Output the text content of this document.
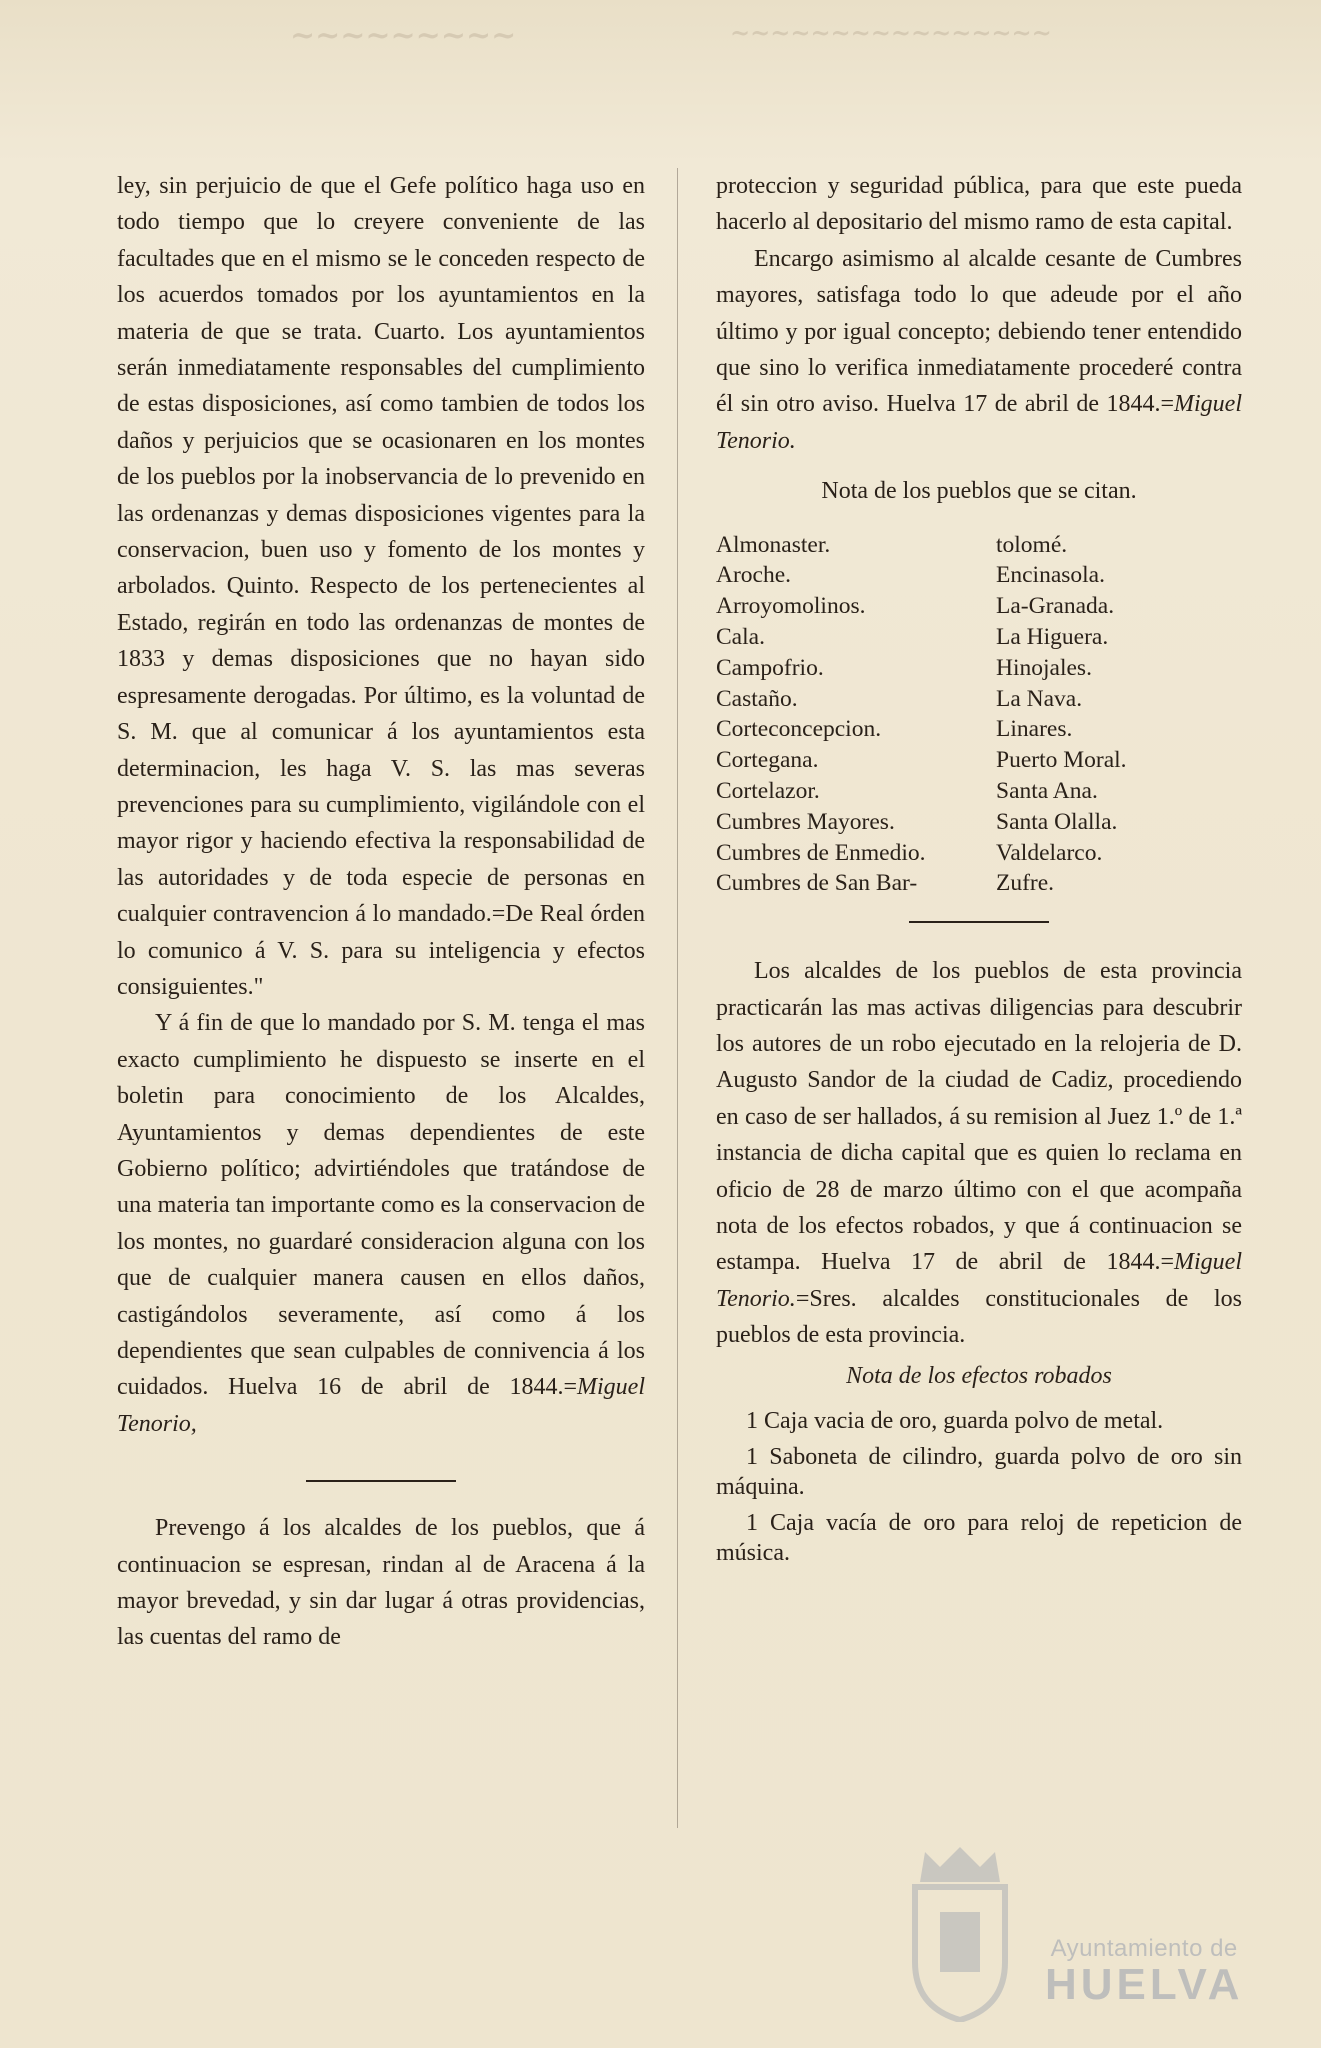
~~~~~~~~~	~~~~~~~~~~~~~~~~

ley, sin perjuicio de que el Gefe político haga uso en todo tiempo que lo creyere conveniente de las facultades que en el mismo se le conceden respecto de los acuerdos tomados por los ayuntamientos en la materia de que se trata. Cuarto. Los ayuntamientos serán inmediatamente responsables del cumplimiento de estas disposiciones, así como tambien de todos los daños y perjuicios que se ocasionaren en los montes de los pueblos por la inobservancia de lo prevenido en las ordenanzas y demas disposiciones vigentes para la conservacion, buen uso y fomento de los montes y arbolados. Quinto. Respecto de los pertenecientes al Estado, regirán en todo las ordenanzas de montes de 1833 y demas disposiciones que no hayan sido espresamente derogadas. Por último, es la voluntad de S. M. que al comunicar á los ayuntamientos esta determinacion, les haga V. S. las mas severas prevenciones para su cumplimiento, vigilándole con el mayor rigor y haciendo efectiva la responsabilidad de las autoridades y de toda especie de personas en cualquier contravencion á lo mandado.=De Real órden lo comunico á V. S. para su inteligencia y efectos consiguientes."

Y á fin de que lo mandado por S. M. tenga el mas exacto cumplimiento he dispuesto se inserte en el boletin para conocimiento de los Alcaldes, Ayuntamientos y demas dependientes de este Gobierno político; advirtiéndoles que tratándose de una materia tan importante como es la conservacion de los montes, no guardaré consideracion alguna con los que de cualquier manera causen en ellos daños, castigándolos severamente, así como á los dependientes que sean culpables de connivencia á los cuidados. Huelva 16 de abril de 1844.=Miguel Tenorio,

Prevengo á los alcaldes de los pueblos, que á continuacion se espresan, rindan al de Aracena á la mayor brevedad, y sin dar lugar á otras providencias, las cuentas del ramo de

proteccion y seguridad pública, para que este pueda hacerlo al depositario del mismo ramo de esta capital.

Encargo asimismo al alcalde cesante de Cumbres mayores, satisfaga todo lo que adeude por el año último y por igual concepto; debiendo tener entendido que sino lo verifica inmediatamente procederé contra él sin otro aviso. Huelva 17 de abril de 1844.=Miguel Tenorio.

Nota de los pueblos que se citan.

Almonaster.
Aroche.
Arroyomolinos.
Cala.
Campofrio.
Castaño.
Corteconcepcion.
Cortegana.
Cortelazor.
Cumbres Mayores.
Cumbres de Enmedio.
Cumbres de San Bar-
tolomé.
Encinasola.
La-Granada.
La Higuera.
Hinojales.
La Nava.
Linares.
Puerto Moral.
Santa Ana.
Santa Olalla.
Valdelarco.
Zufre.

Los alcaldes de los pueblos de esta provincia practicarán las mas activas diligencias para descubrir los autores de un robo ejecutado en la relojeria de D. Augusto Sandor de la ciudad de Cadiz, procediendo en caso de ser hallados, á su remision al Juez 1.º de 1.ª instancia de dicha capital que es quien lo reclama en oficio de 28 de marzo último con el que acompaña nota de los efectos robados, y que á continuacion se estampa. Huelva 17 de abril de 1844.=Miguel Tenorio.=Sres. alcaldes constitucionales de los pueblos de esta provincia.

Nota de los efectos robados

1 Caja vacia de oro, guarda polvo de metal.

1 Saboneta de cilindro, guarda polvo de oro sin máquina.

1 Caja vacía de oro para reloj de repeticion de música.

Ayuntamiento de
HUELVA
